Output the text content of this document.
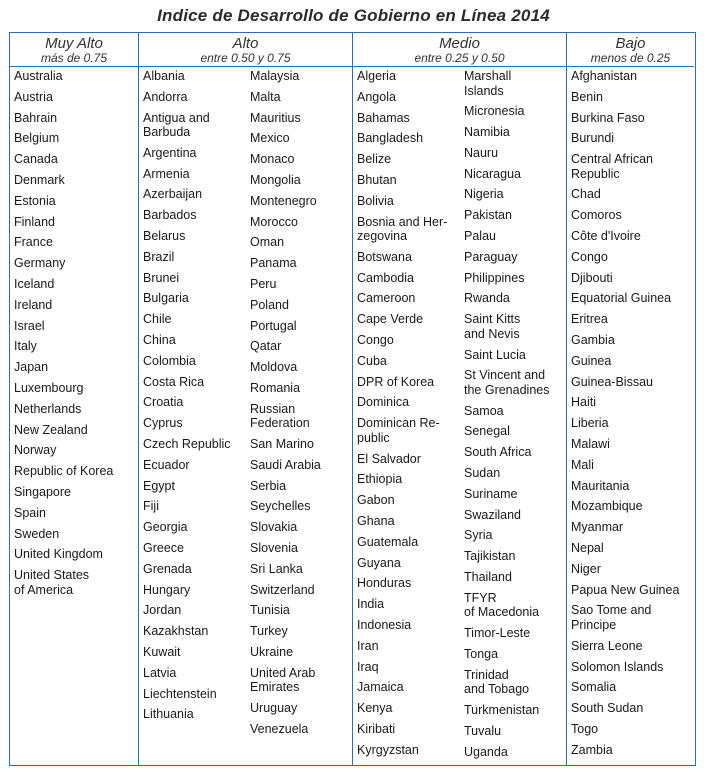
Indice de Desarrollo de Gobierno en Línea 2014
Muy Alto
más de 0.75
Australia
Austria
Bahrain
Belgium
Canada
Denmark
Estonia
Finland
France
Germany
Iceland
Ireland
Israel
Italy
Japan
Luxembourg
Netherlands
New Zealand
Norway
Republic of Korea
Singapore
Spain
Sweden
United Kingdom
United States
of America
Alto
entre 0.50 y 0.75
Albania
Andorra
Antigua and
Barbuda
Argentina
Armenia
Azerbaijan
Barbados
Belarus
Brazil
Brunei
Bulgaria
Chile
China
Colombia
Costa Rica
Croatia
Cyprus
Czech Republic
Ecuador
Egypt
Fiji
Georgia
Greece
Grenada
Hungary
Jordan
Kazakhstan
Kuwait
Latvia
Liechtenstein
Lithuania
Malaysia
Malta
Mauritius
Mexico
Monaco
Mongolia
Montenegro
Morocco
Oman
Panama
Peru
Poland
Portugal
Qatar
Moldova
Romania
Russian
Federation
San Marino
Saudi Arabia
Serbia
Seychelles
Slovakia
Slovenia
Sri Lanka
Switzerland
Tunisia
Turkey
Ukraine
United Arab
Emirates
Uruguay
Venezuela
Medio
entre 0.25 y 0.50
Algeria
Angola
Bahamas
Bangladesh
Belize
Bhutan
Bolivia
Bosnia and Her-
zegovina
Botswana
Cambodia
Cameroon
Cape Verde
Congo
Cuba
DPR of Korea
Dominica
Dominican Re-
public
El Salvador
Ethiopia
Gabon
Ghana
Guatemala
Guyana
Honduras
India
Indonesia
Iran
Iraq
Jamaica
Kenya
Kiribati
Kyrgyzstan
Marshall
Islands
Micronesia
Namibia
Nauru
Nicaragua
Nigeria
Pakistan
Palau
Paraguay
Philippines
Rwanda
Saint Kitts
and Nevis
Saint Lucia
St Vincent and
the Grenadines
Samoa
Senegal
South Africa
Sudan
Suriname
Swaziland
Syria
Tajikistan
Thailand
TFYR
of Macedonia
Timor-Leste
Tonga
Trinidad
and Tobago
Turkmenistan
Tuvalu
Uganda
Bajo
menos de 0.25
Afghanistan
Benin
Burkina Faso
Burundi
Central African
Republic
Chad
Comoros
Côte d'Ivoire
Congo
Djibouti
Equatorial Guinea
Eritrea
Gambia
Guinea
Guinea-Bissau
Haiti
Liberia
Malawi
Mali
Mauritania
Mozambique
Myanmar
Nepal
Niger
Papua New Guinea
Sao Tome and
Principe
Sierra Leone
Solomon Islands
Somalia
South Sudan
Togo
Zambia
